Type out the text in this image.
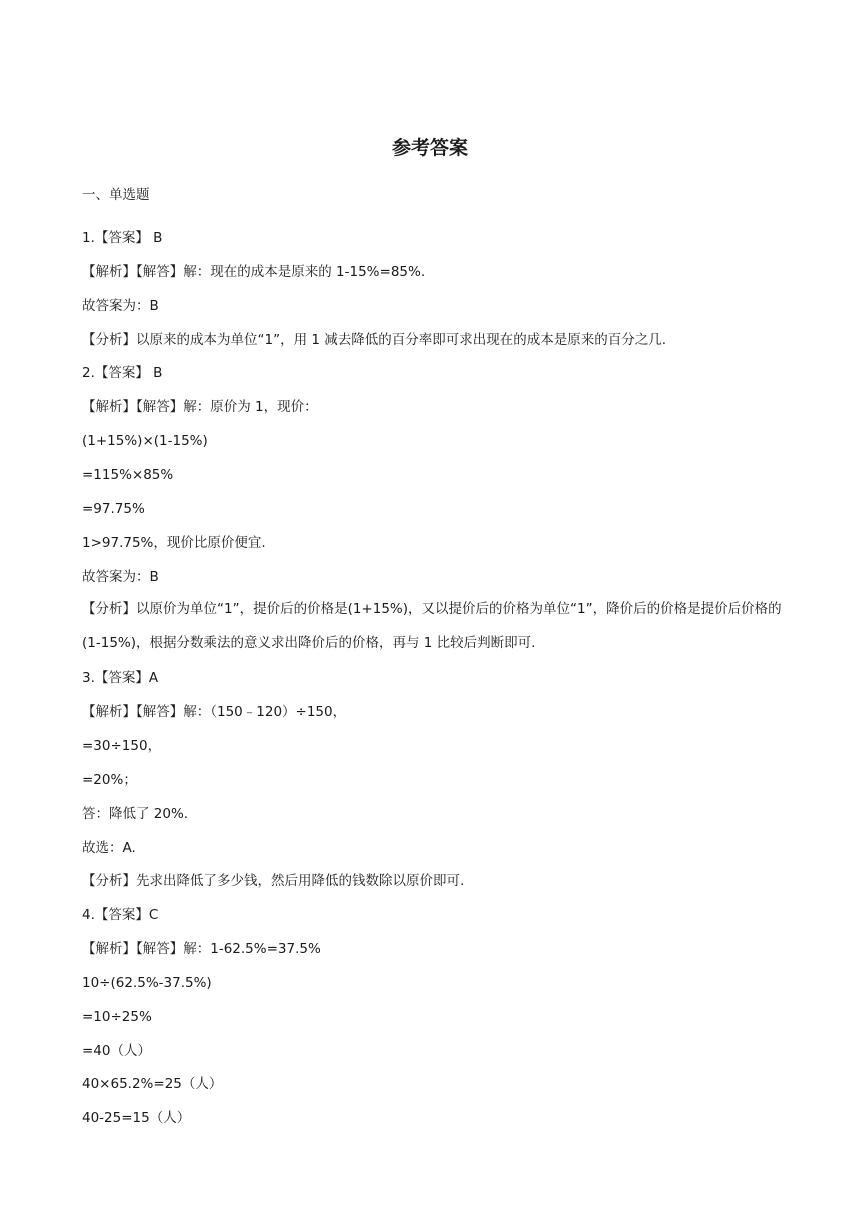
参考答案
一、单选题
1.【答案】 B
【解析】【解答】解：现在的成本是原来的 1-15%=85%.
故答案为：B
【分析】以原来的成本为单位“1”，用 1 减去降低的百分率即可求出现在的成本是原来的百分之几.
2.【答案】 B
【解析】【解答】解：原价为 1，现价：
(1+15%)×(1-15%)
=115%×85%
=97.75%
1>97.75%，现价比原价便宜.
故答案为：B
【分析】以原价为单位“1”，提价后的价格是(1+15%)，又以提价后的价格为单位“1”，降价后的价格是提价后价格的(1-15%)，根据分数乘法的意义求出降价后的价格，再与 1 比较后判断即可.
3.【答案】A
【解析】【解答】解：（150﹣120）÷150，
=30÷150，
=20%；
答：降低了 20%.
故选：A.
【分析】先求出降低了多少钱，然后用降低的钱数除以原价即可.
4.【答案】C
【解析】【解答】解：1-62.5%=37.5%
10÷(62.5%-37.5%)
=10÷25%
=40（人）
40×65.2%=25（人）
40-25=15（人）
